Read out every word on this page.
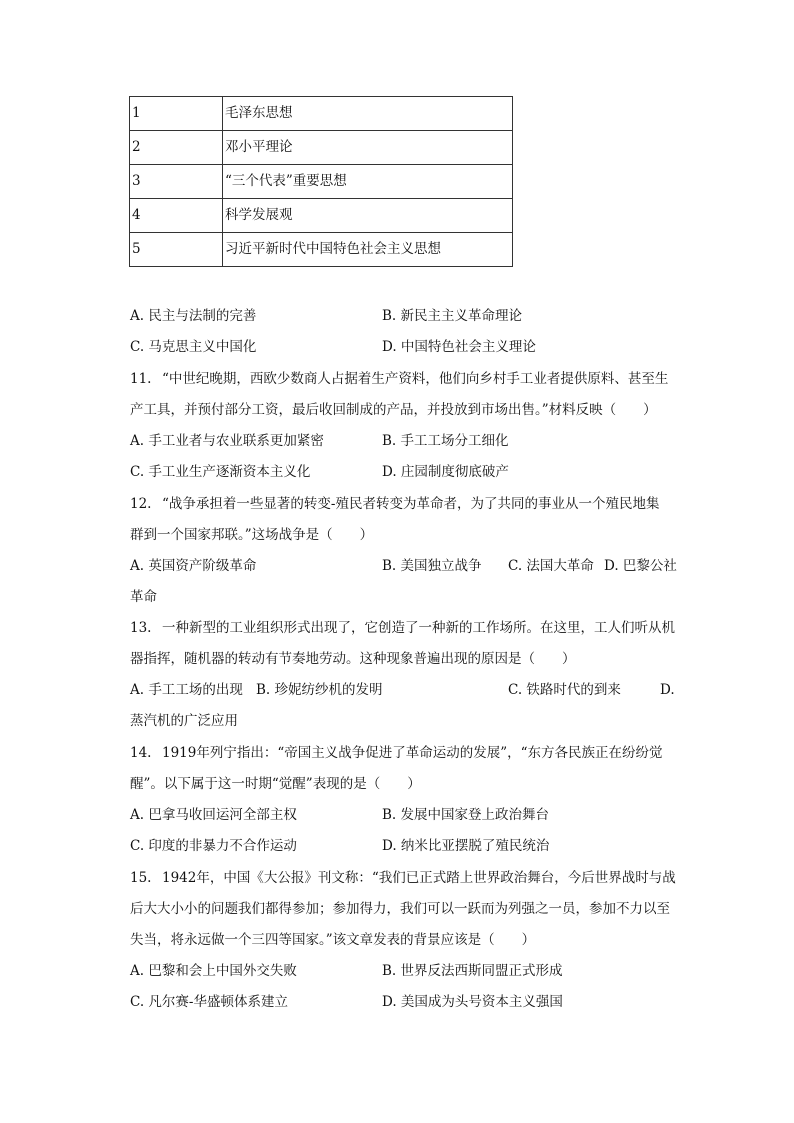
1	毛泽东思想
2	邓小平理论
3	“三个代表”重要思想
4	科学发展观
5	习近平新时代中国特色社会主义思想
A. 民主与法制的完善	B. 新民主主义革命理论
C. 马克思主义中国化	D. 中国特色社会主义理论
11. “中世纪晚期，西欧少数商人占据着生产资料，他们向乡村手工业者提供原料、甚至生
产工具，并预付部分工资，最后收回制成的产品，并投放到市场出售。”材料反映（　　）
A. 手工业者与农业联系更加紧密	B. 手工工场分工细化
C. 手工业生产逐渐资本主义化	D. 庄园制度彻底破产
12. “战争承担着一些显著的转变-殖民者转变为革命者，为了共同的事业从一个殖民地集
群到一个国家邦联。”这场战争是（　　）
A. 英国资产阶级革命	B. 美国独立战争 C. 法国大革命 D. 巴黎公社
革命
13. 一种新型的工业组织形式出现了，它创造了一种新的工作场所。在这里，工人们听从机
器指挥，随机器的转动有节奏地劳动。这种现象普遍出现的原因是（　　）
A. 手工工场的出现 B. 珍妮纺纱机的发明	C. 铁路时代的到来	D.
蒸汽机的广泛应用
14. 1919年列宁指出：“帝国主义战争促进了革命运动的发展”，“东方各民族正在纷纷觉
醒”。以下属于这一时期“觉醒”表现的是（　　）
A. 巴拿马收回运河全部主权	B. 发展中国家登上政治舞台
C. 印度的非暴力不合作运动	D. 纳米比亚摆脱了殖民统治
15. 1942年，中国《大公报》刊文称：“我们已正式踏上世界政治舞台，今后世界战时与战
后大大小小的问题我们都得参加；参加得力，我们可以一跃而为列强之一员，参加不力以至
失当，将永远做一个三四等国家。”该文章发表的背景应该是（　　）
A. 巴黎和会上中国外交失败	B. 世界反法西斯同盟正式形成
C. 凡尔赛-华盛顿体系建立	D. 美国成为头号资本主义强国
